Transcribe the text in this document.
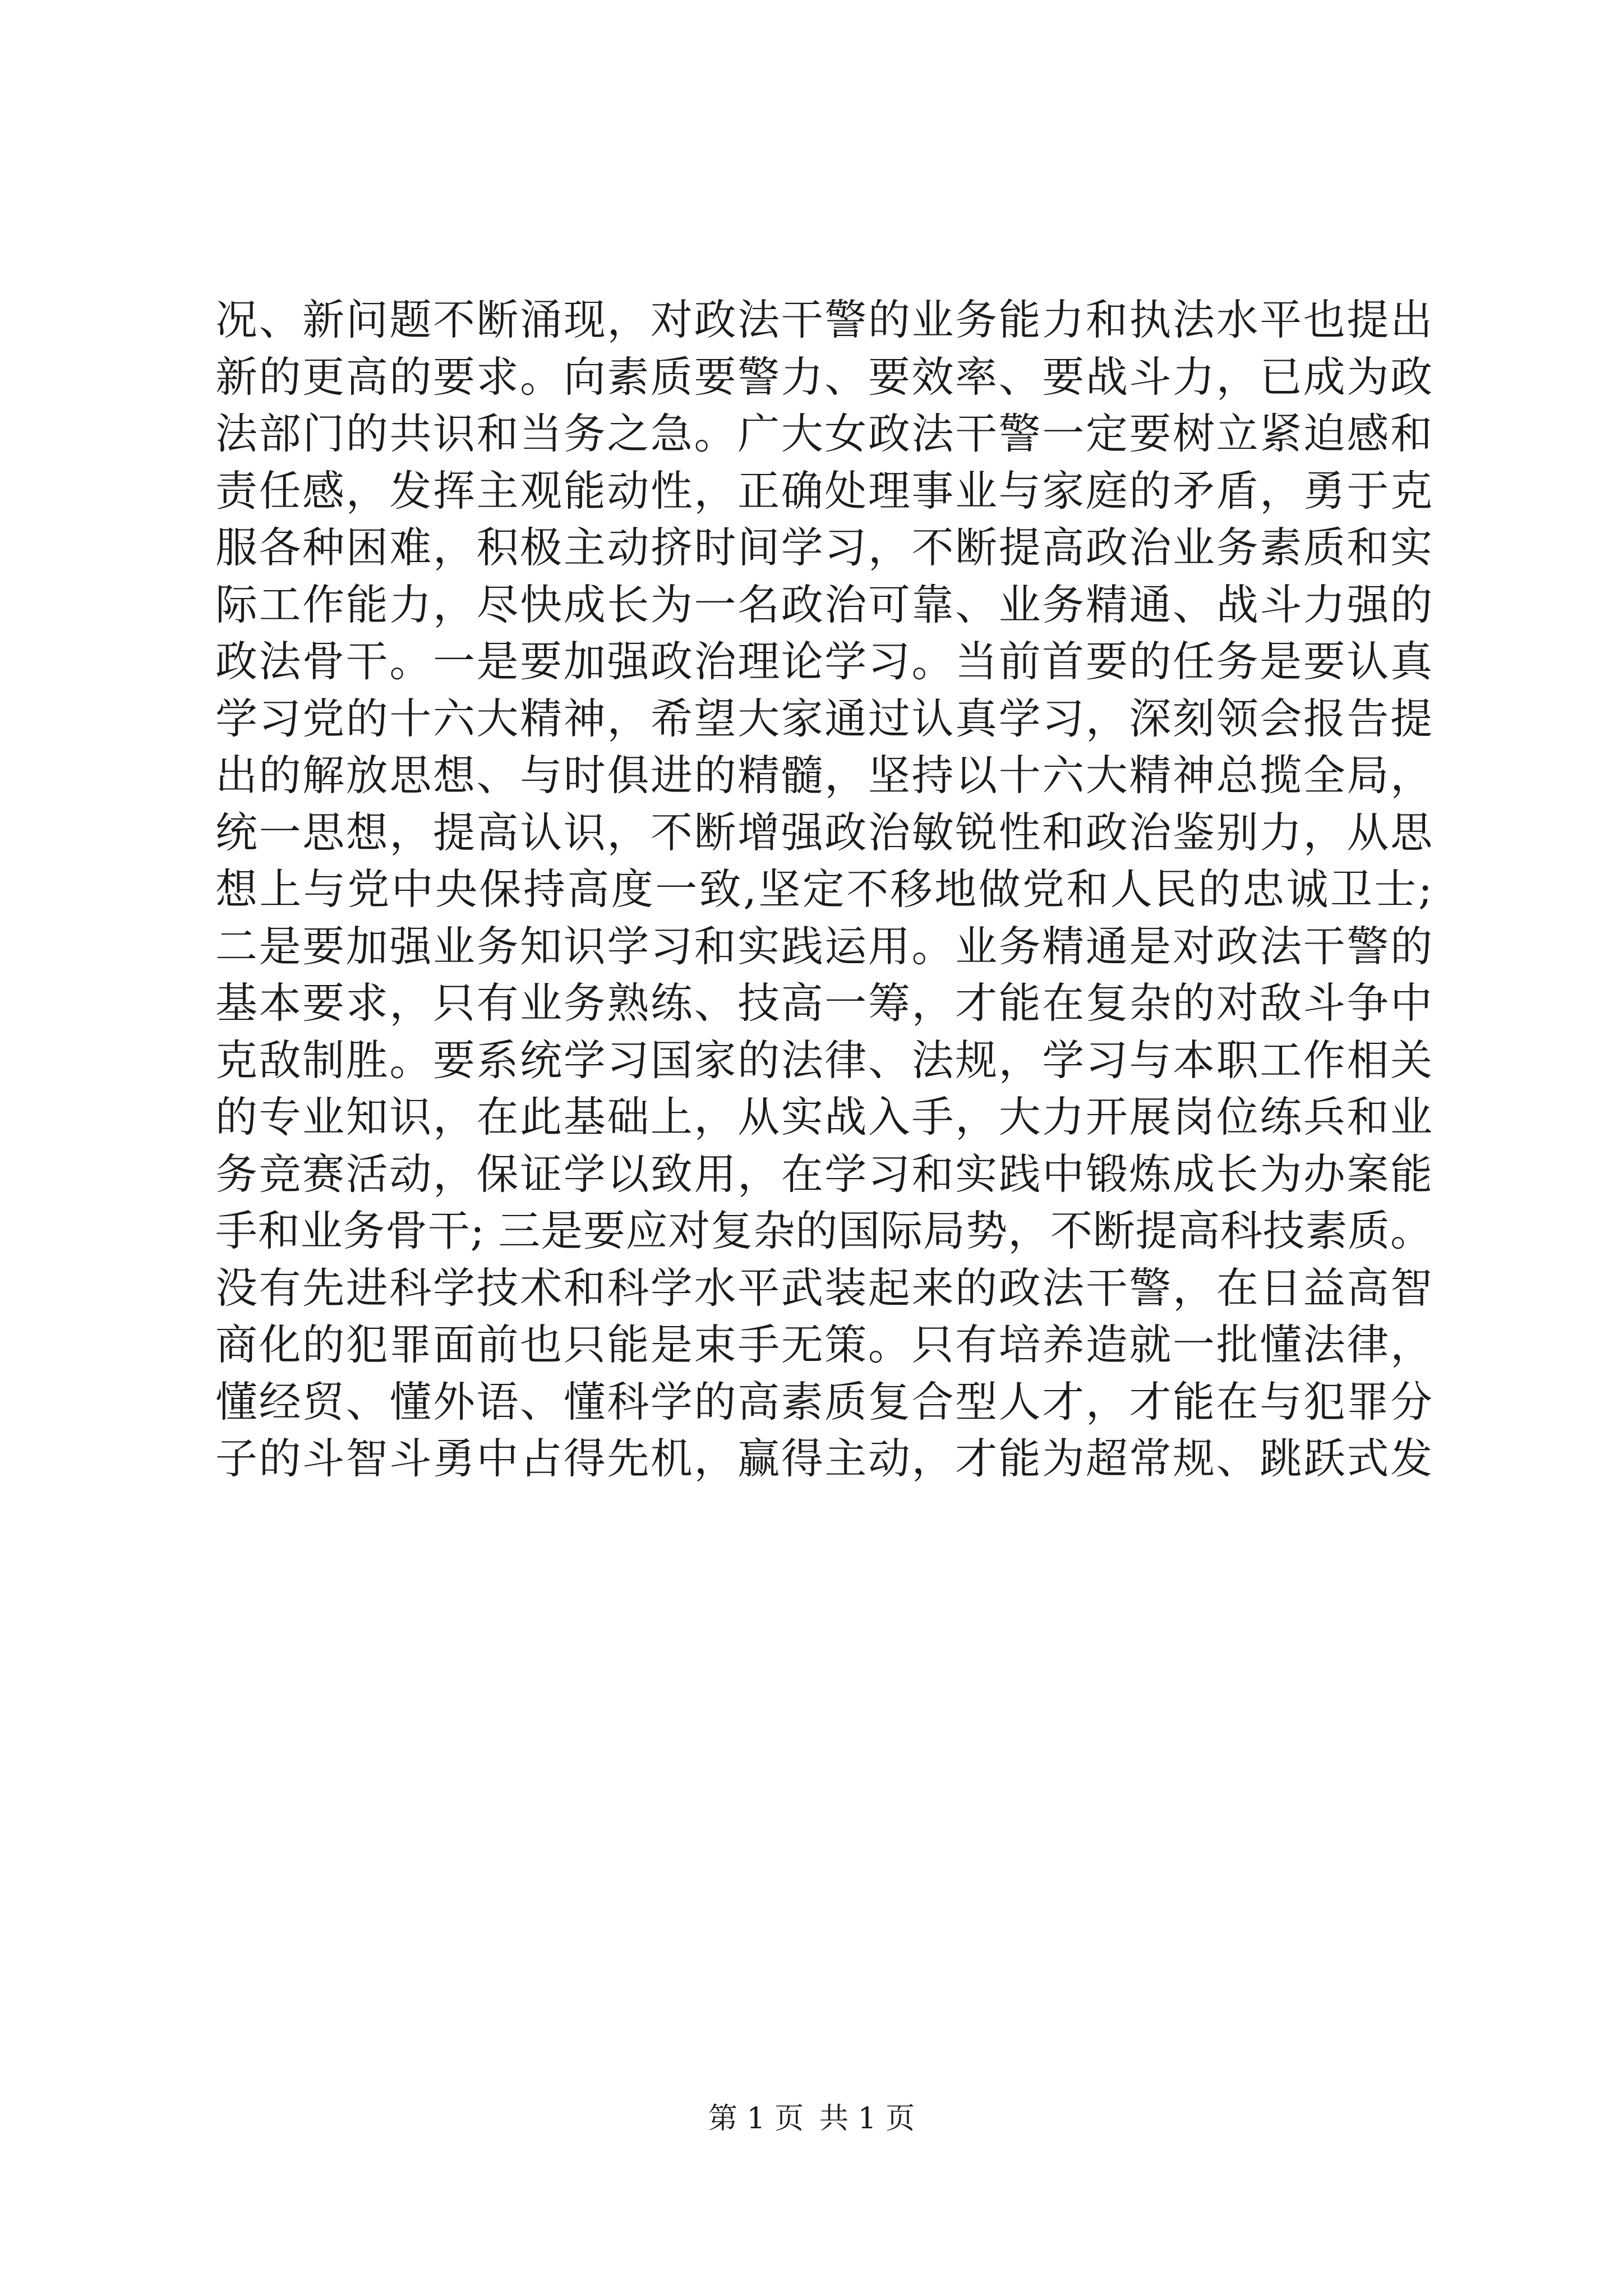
况、新问题不断涌现，对政法干警的业务能力和执法水平也提出
新的更高的要求。向素质要警力、要效率、要战斗力，已成为政
法部门的共识和当务之急。广大女政法干警一定要树立紧迫感和
责任感，发挥主观能动性，正确处理事业与家庭的矛盾，勇于克
服各种困难，积极主动挤时间学习，不断提高政治业务素质和实
际工作能力，尽快成长为一名政治可靠、业务精通、战斗力强的
政法骨干。一是要加强政治理论学习。当前首要的任务是要认真
学习党的十六大精神，希望大家通过认真学习，深刻领会报告提
出的解放思想、与时俱进的精髓，坚持以十六大精神总揽全局，
统一思想，提高认识，不断增强政治敏锐性和政治鉴别力，从思
想上与党中央保持高度一致,坚定不移地做党和人民的忠诚卫士;
二是要加强业务知识学习和实践运用。业务精通是对政法干警的
基本要求，只有业务熟练、技高一筹，才能在复杂的对敌斗争中
克敌制胜。要系统学习国家的法律、法规，学习与本职工作相关
的专业知识，在此基础上，从实战入手，大力开展岗位练兵和业
务竞赛活动，保证学以致用，在学习和实践中锻炼成长为办案能
手和业务骨干; 三是要应对复杂的国际局势，不断提高科技素质。
没有先进科学技术和科学水平武装起来的政法干警，在日益高智
商化的犯罪面前也只能是束手无策。只有培养造就一批懂法律，
懂经贸、懂外语、懂科学的高素质复合型人才，才能在与犯罪分
子的斗智斗勇中占得先机，赢得主动，才能为超常规、跳跃式发
第 1 页 共 1 页
